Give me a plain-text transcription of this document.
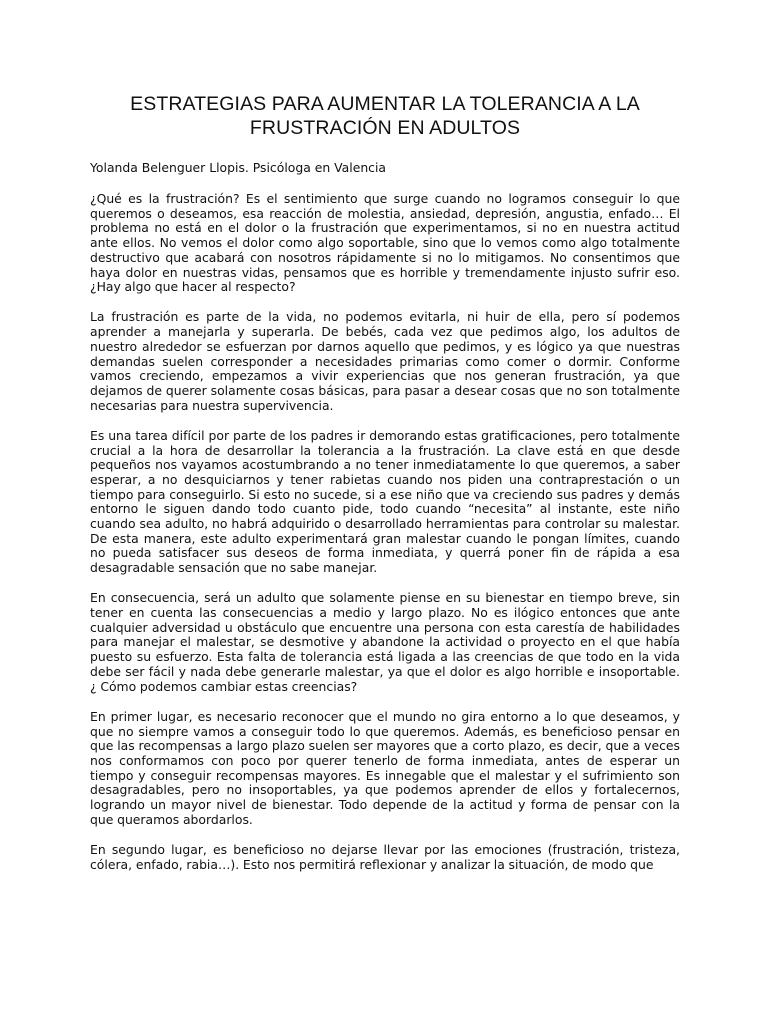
ESTRATEGIAS PARA AUMENTAR LA TOLERANCIA A LA
FRUSTRACIÓN EN ADULTOS

Yolanda Belenguer Llopis. Psicóloga en Valencia

¿Qué es la frustración? Es el sentimiento que surge cuando no logramos conseguir lo que queremos o deseamos, esa reacción de molestia, ansiedad, depresión, angustia, enfado… El problema no está en el dolor o la frustración que experimentamos, si no en nuestra actitud ante ellos. No vemos el dolor como algo soportable, sino que lo vemos como algo totalmente destructivo que acabará con nosotros rápidamente si no lo mitigamos. No consentimos que haya dolor en nuestras vidas, pensamos que es horrible y tremendamente injusto sufrir eso. ¿Hay algo que hacer al respecto?

La frustración es parte de la vida, no podemos evitarla, ni huir de ella, pero sí podemos aprender a manejarla y superarla. De bebés, cada vez que pedimos algo, los adultos de nuestro alrededor se esfuerzan por darnos aquello que pedimos, y es lógico ya que nuestras demandas suelen corresponder a necesidades primarias como comer o dormir. Conforme vamos creciendo, empezamos a vivir experiencias que nos generan frustración, ya que dejamos de querer solamente cosas básicas, para pasar a desear cosas que no son totalmente necesarias para nuestra supervivencia.

Es una tarea difícil por parte de los padres ir demorando estas gratificaciones, pero totalmente crucial a la hora de desarrollar la tolerancia a la frustración. La clave está en que desde pequeños nos vayamos acostumbrando a no tener inmediatamente lo que queremos, a saber esperar, a no desquiciarnos y tener rabietas cuando nos piden una contraprestación o un tiempo para conseguirlo. Si esto no sucede, si a ese niño que va creciendo sus padres y demás entorno le siguen dando todo cuanto pide, todo cuando “necesita” al instante, este niño cuando sea adulto, no habrá adquirido o desarrollado herramientas para controlar su malestar. De esta manera, este adulto experimentará gran malestar cuando le pongan límites, cuando no pueda satisfacer sus deseos de forma inmediata, y querrá poner fin de rápida a esa desagradable sensación que no sabe manejar.

En consecuencia, será un adulto que solamente piense en su bienestar en tiempo breve, sin tener en cuenta las consecuencias a medio y largo plazo. No es ilógico entonces que ante cualquier adversidad u obstáculo que encuentre una persona con esta carestía de habilidades para manejar el malestar, se desmotive y abandone la actividad o proyecto en el que había puesto su esfuerzo. Esta falta de tolerancia está ligada a las creencias de que todo en la vida debe ser fácil y nada debe generarle malestar, ya que el dolor es algo horrible e insoportable. ¿ Cómo podemos cambiar estas creencias?

En primer lugar, es necesario reconocer que el mundo no gira entorno a lo que deseamos, y que no siempre vamos a conseguir todo lo que queremos. Además, es beneficioso pensar en que las recompensas a largo plazo suelen ser mayores que a corto plazo, es decir, que a veces nos conformamos con poco por querer tenerlo de forma inmediata, antes de esperar un tiempo y conseguir recompensas mayores. Es innegable que el malestar y el sufrimiento son desagradables, pero no insoportables, ya que podemos aprender de ellos y fortalecernos, logrando un mayor nivel de bienestar. Todo depende de la actitud y forma de pensar con la que queramos abordarlos.

En segundo lugar, es beneficioso no dejarse llevar por las emociones (frustración, tristeza, cólera, enfado, rabia…). Esto nos permitirá reflexionar y analizar la situación, de modo que
